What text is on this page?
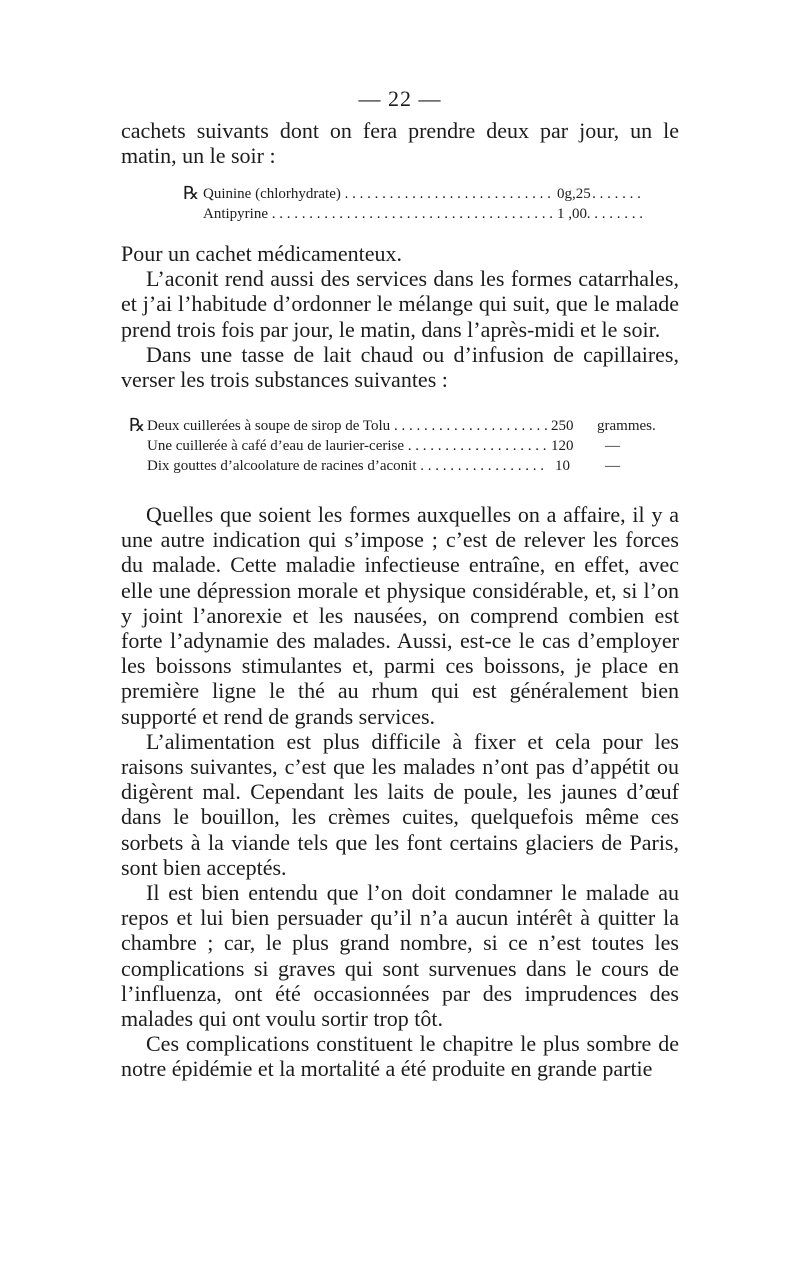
— 22 —

cachets suivants dont on fera prendre deux par jour, un le matin, un le soir :

℞ Quinine (chlorhydrate) . . .	0g,25
Antipyrine . . .	1 ,00

Pour un cachet médicamenteux.

L’aconit rend aussi des services dans les formes catarrhales, et j’ai l’habitude d’ordonner le mélange qui suit, que le malade prend trois fois par jour, le matin, dans l’après-midi et le soir.

Dans une tasse de lait chaud ou d’infusion de capillaires, verser les trois substances suivantes :

℞ Deux cuillerées à soupe de sirop de Tolu . . .	250 grammes.
Une cuillerée à café d’eau de laurier-cerise . . .	120 —
Dix gouttes d’alcoolature de racines d’aconit . . .	10 —

Quelles que soient les formes auxquelles on a affaire, il y a une autre indication qui s’impose ; c’est de relever les forces du malade. Cette maladie infectieuse entraîne, en effet, avec elle une dépression morale et physique considérable, et, si l’on y joint l’anorexie et les nausées, on comprend combien est forte l’adynamie des malades. Aussi, est-ce le cas d’employer les boissons stimulantes et, parmi ces boissons, je place en première ligne le thé au rhum qui est généralement bien supporté et rend de grands services.

L’alimentation est plus difficile à fixer et cela pour les raisons suivantes, c’est que les malades n’ont pas d’appétit ou digèrent mal. Cependant les laits de poule, les jaunes d’œuf dans le bouillon, les crèmes cuites, quelquefois même ces sorbets à la viande tels que les font certains glaciers de Paris, sont bien acceptés.

Il est bien entendu que l’on doit condamner le malade au repos et lui bien persuader qu’il n’a aucun intérêt à quitter la chambre ; car, le plus grand nombre, si ce n’est toutes les complications si graves qui sont survenues dans le cours de l’influenza, ont été occasionnées par des imprudences des malades qui ont voulu sortir trop tôt.

Ces complications constituent le chapitre le plus sombre de notre épidémie et la mortalité a été produite en grande partie
